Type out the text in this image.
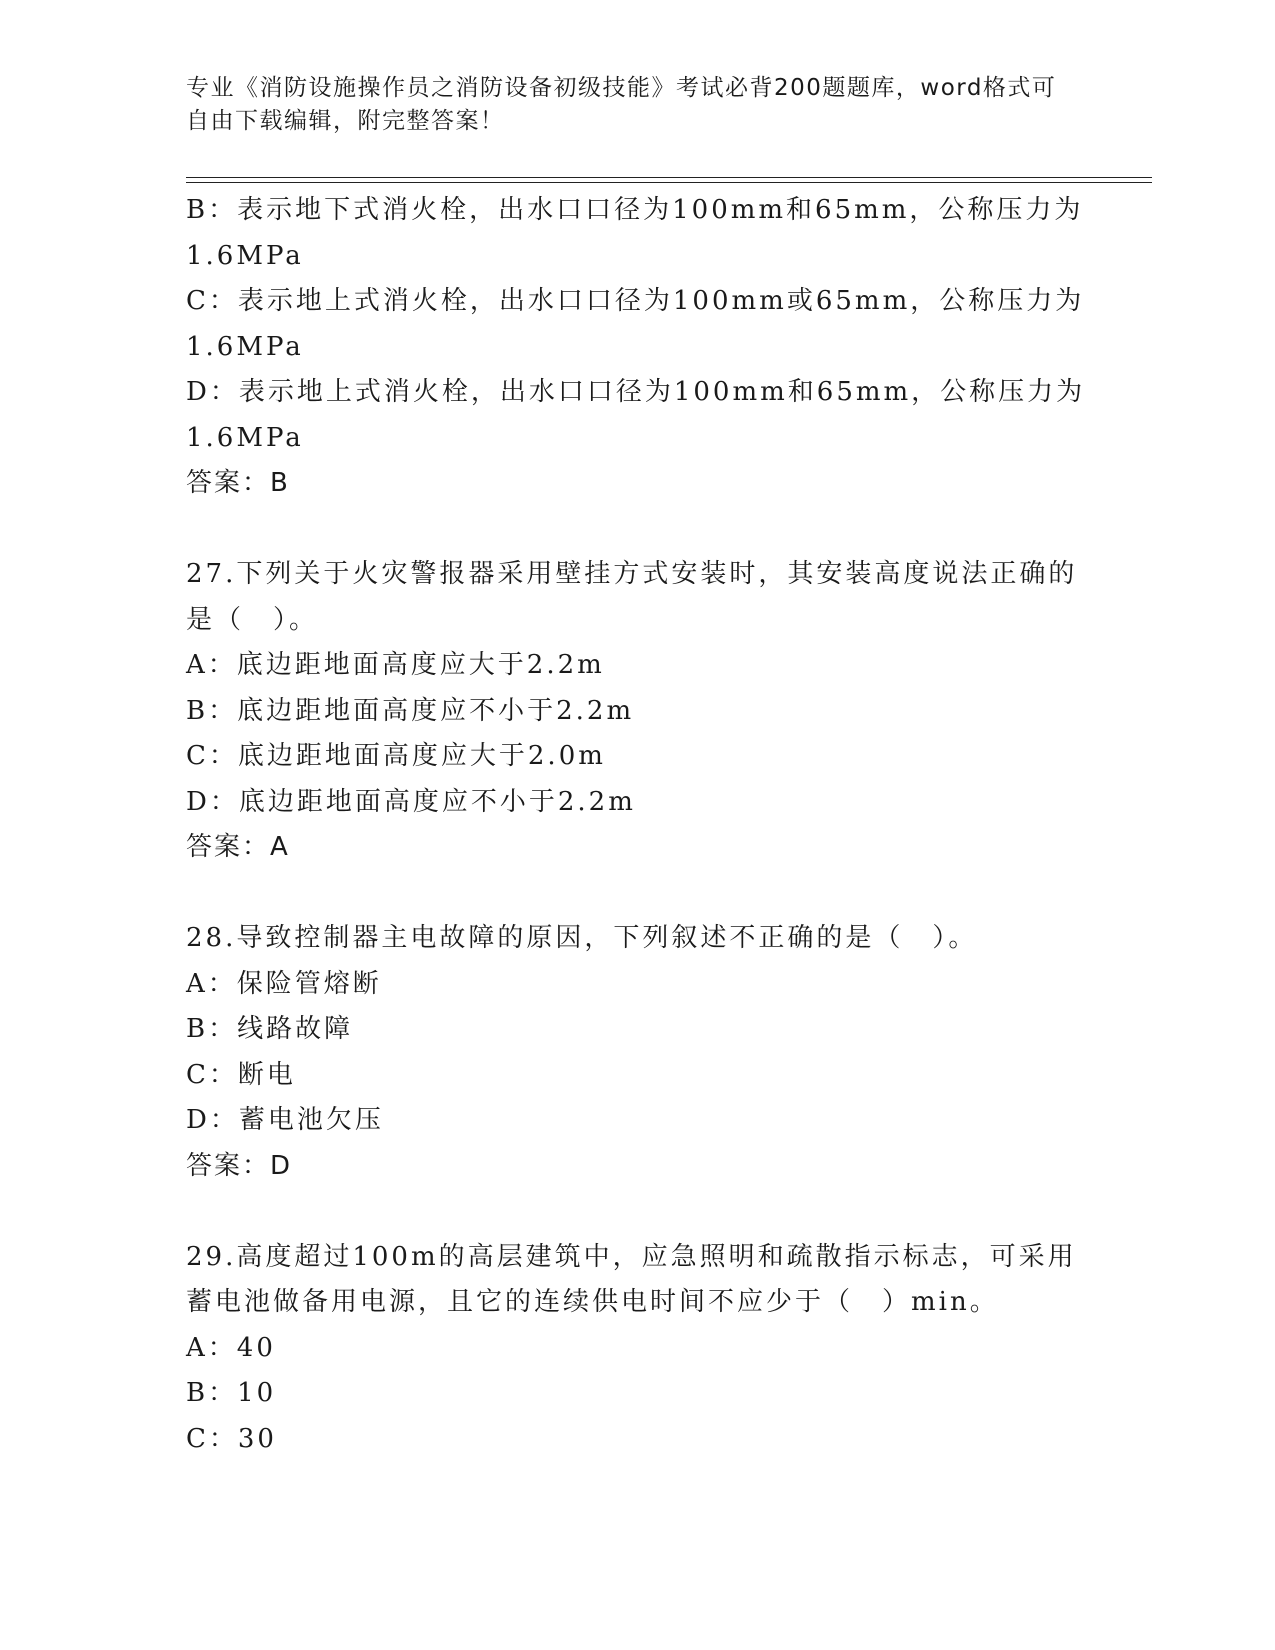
专业《消防设施操作员之消防设备初级技能》考试必背200题题库，word格式可
自由下载编辑，附完整答案！
B：表示地下式消火栓，出水口口径为100mm和65mm，公称压力为
1.6MPa
C：表示地上式消火栓，出水口口径为100mm或65mm，公称压力为
1.6MPa
D：表示地上式消火栓，出水口口径为100mm和65mm，公称压力为
1.6MPa
答案：B
27.下列关于火灾警报器采用壁挂方式安装时，其安装高度说法正确的
是（　）。
A：底边距地面高度应大于2.2m
B：底边距地面高度应不小于2.2m
C：底边距地面高度应大于2.0m
D：底边距地面高度应不小于2.2m
答案：A
28.导致控制器主电故障的原因，下列叙述不正确的是（　）。
A：保险管熔断
B：线路故障
C：断电
D：蓄电池欠压
答案：D
29.高度超过100m的高层建筑中，应急照明和疏散指示标志，可采用
蓄电池做备用电源，且它的连续供电时间不应少于（　）min。
A：40
B：10
C：30
